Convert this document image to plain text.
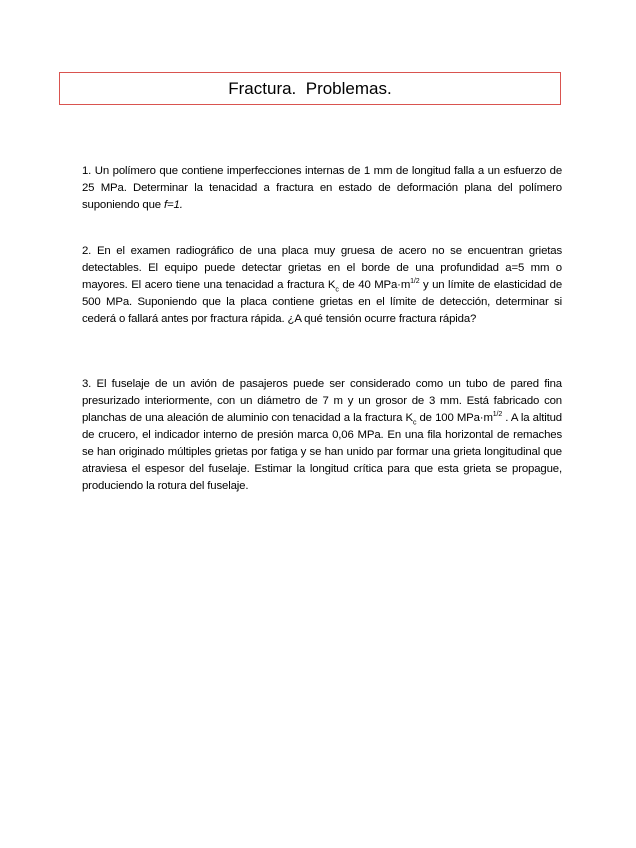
Fractura.  Problemas.
1. Un polímero que contiene imperfecciones internas de 1 mm de longitud falla a un esfuerzo de 25 MPa. Determinar la tenacidad a fractura en estado de deformación plana del polímero suponiendo que f=1.
2. En el examen radiográfico de una placa muy gruesa de acero no se encuentran grietas detectables. El equipo puede detectar grietas en el borde de una profundidad a=5 mm o mayores. El acero tiene una tenacidad a fractura $K_c$ de 40 $MPa\cdot m^{1/2}$ y un límite de elasticidad de 500 MPa. Suponiendo que la placa contiene grietas en el límite de detección, determinar si cederá o fallará antes por fractura rápida. ¿A qué tensión ocurre fractura rápida?
3. El fuselaje de un avión de pasajeros puede ser considerado como un tubo de pared fina presurizado interiormente, con un diámetro de 7 m y un grosor de 3 mm. Está fabricado con planchas de una aleación de aluminio con tenacidad a la fractura $K_c$ de 100 $MPa\cdot m^{1/2}$ . A la altitud de crucero, el indicador interno de presión marca 0,06 MPa. En una fila horizontal de remaches se han originado múltiples grietas por fatiga y se han unido par formar una grieta longitudinal que atraviesa el espesor del fuselaje. Estimar la longitud crítica para que esta grieta se propague, produciendo la rotura del fuselaje.
